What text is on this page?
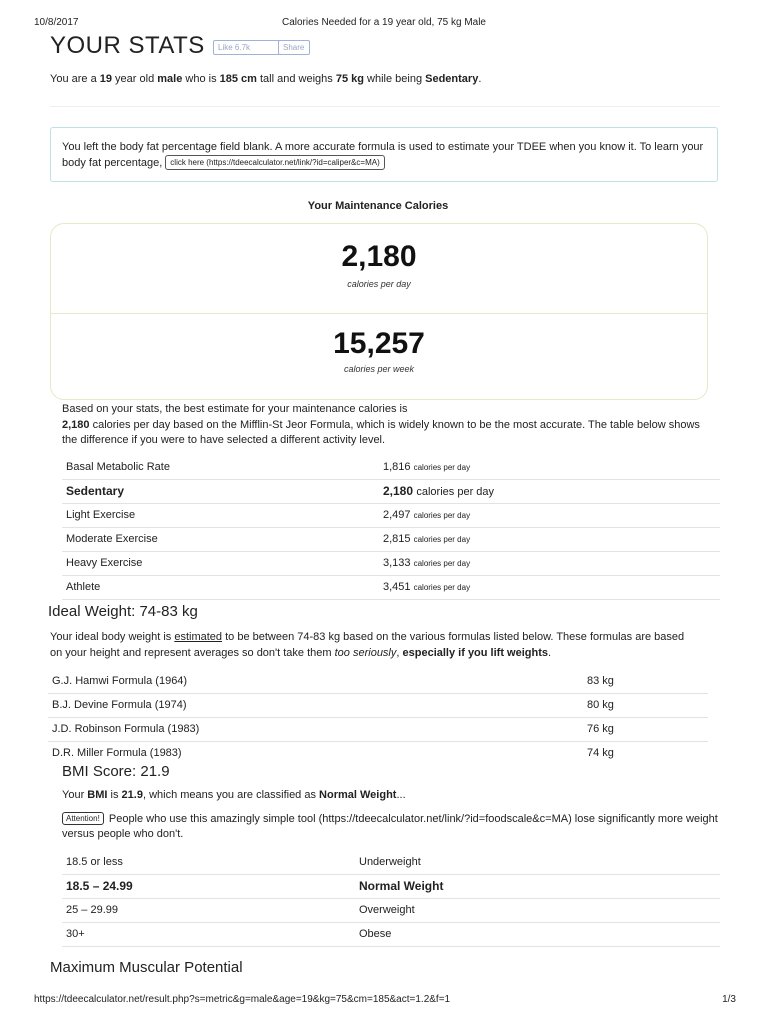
10/8/2017	Calories Needed for a 19 year old, 75 kg Male
https://tdeecalculator.net/result.php?s=metric&g=male&age=19&kg=75&cm=185&act=1.2&f=1	1/3
YOUR STATS	Like 6.7k	Share
You are a 19 year old male who is 185 cm tall and weighs 75 kg while being Sedentary.
You left the body fat percentage field blank. A more accurate formula is used to estimate your TDEE when you know it. To learn your body fat percentage, click here (https://tdeecalculator.net/link/?id=caliper&c=MA)
Your Maintenance Calories
2,180
calories per day
15,257
calories per week
Based on your stats, the best estimate for your maintenance calories is
2,180 calories per day based on the Mifflin-St Jeor Formula, which is widely known to be the most accurate. The table below shows the difference if you were to have selected a different activity level.
Basal Metabolic Rate	1,816 calories per day
Sedentary	2,180 calories per day
Light Exercise	2,497 calories per day
Moderate Exercise	2,815 calories per day
Heavy Exercise	3,133 calories per day
Athlete	3,451 calories per day
Ideal Weight: 74-83 kg
Your ideal body weight is estimated to be between 74-83 kg based on the various formulas listed below. These formulas are based on your height and represent averages so don't take them too seriously, especially if you lift weights.
G.J. Hamwi Formula (1964)	83 kg
B.J. Devine Formula (1974)	80 kg
J.D. Robinson Formula (1983)	76 kg
D.R. Miller Formula (1983)	74 kg
BMI Score: 21.9
Your BMI is 21.9, which means you are classified as Normal Weight...
Attention! People who use this amazingly simple tool (https://tdeecalculator.net/link/?id=foodscale&c=MA) lose significantly more weight versus people who don't.
18.5 or less	Underweight
18.5 – 24.99	Normal Weight
25 – 29.99	Overweight
30+	Obese
Maximum Muscular Potential
